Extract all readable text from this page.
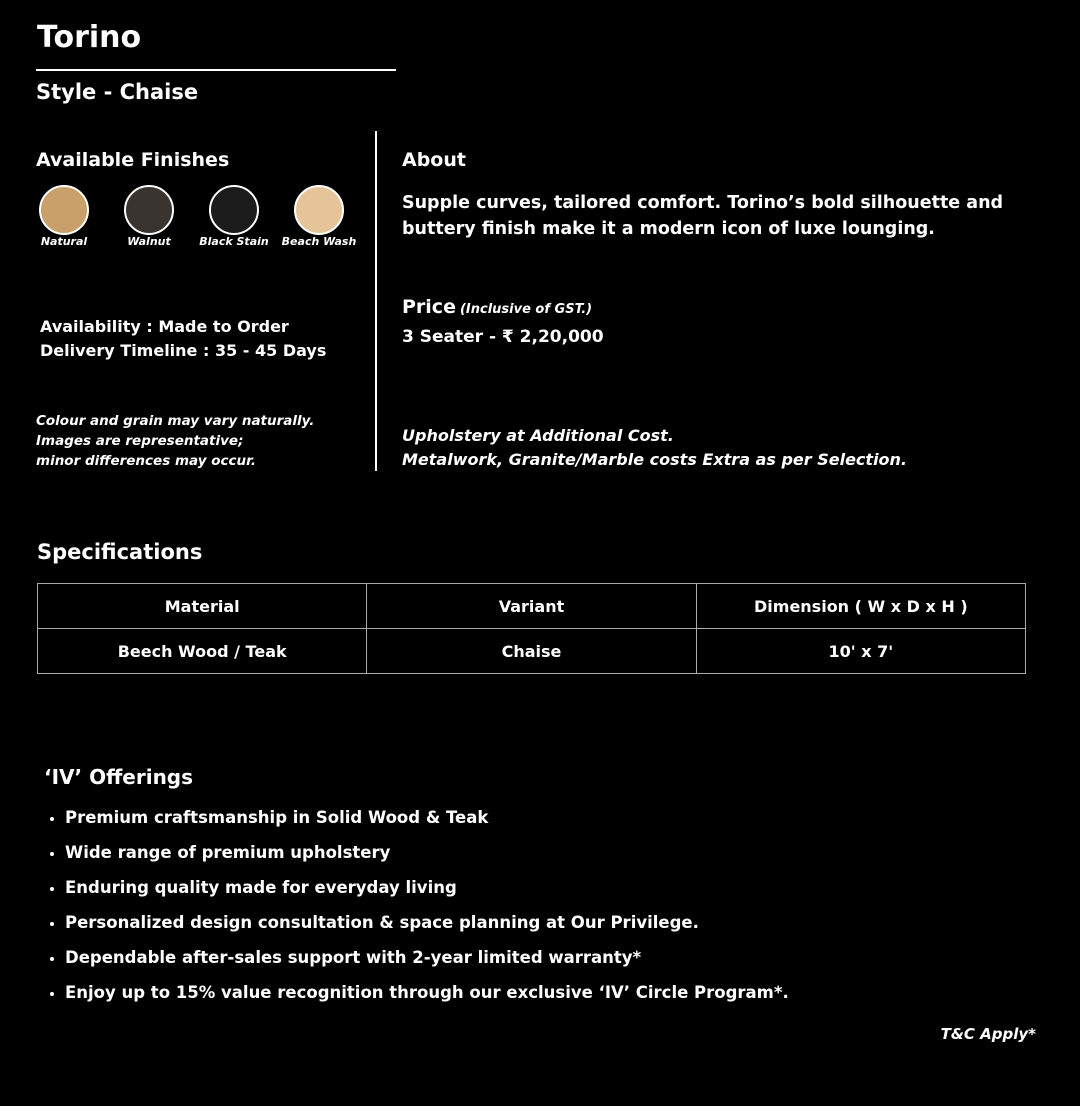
Torino
Style - Chaise
Available Finishes
Natural	Walnut	Black Stain	Beach Wash
Availability : Made to Order
Delivery Timeline : 35 - 45 Days
Colour and grain may vary naturally.
Images are representative;
minor differences may occur.
About
Supple curves, tailored comfort. Torino’s bold silhouette and buttery finish make it a modern icon of luxe lounging.
Price (Inclusive of GST.)
3 Seater - ₹ 2,20,000
Upholstery at Additional Cost.
Metalwork, Granite/Marble costs Extra as per Selection.
Specifications
Material	Variant	Dimension ( W x D x H )
Beech Wood / Teak	Chaise	10' x 7'
‘IV’ Offerings
Premium craftsmanship in Solid Wood & Teak
Wide range of premium upholstery
Enduring quality made for everyday living
Personalized design consultation & space planning at Our Privilege.
Dependable after-sales support with 2-year limited warranty*
Enjoy up to 15% value recognition through our exclusive ‘IV’ Circle Program*.
T&C Apply*
